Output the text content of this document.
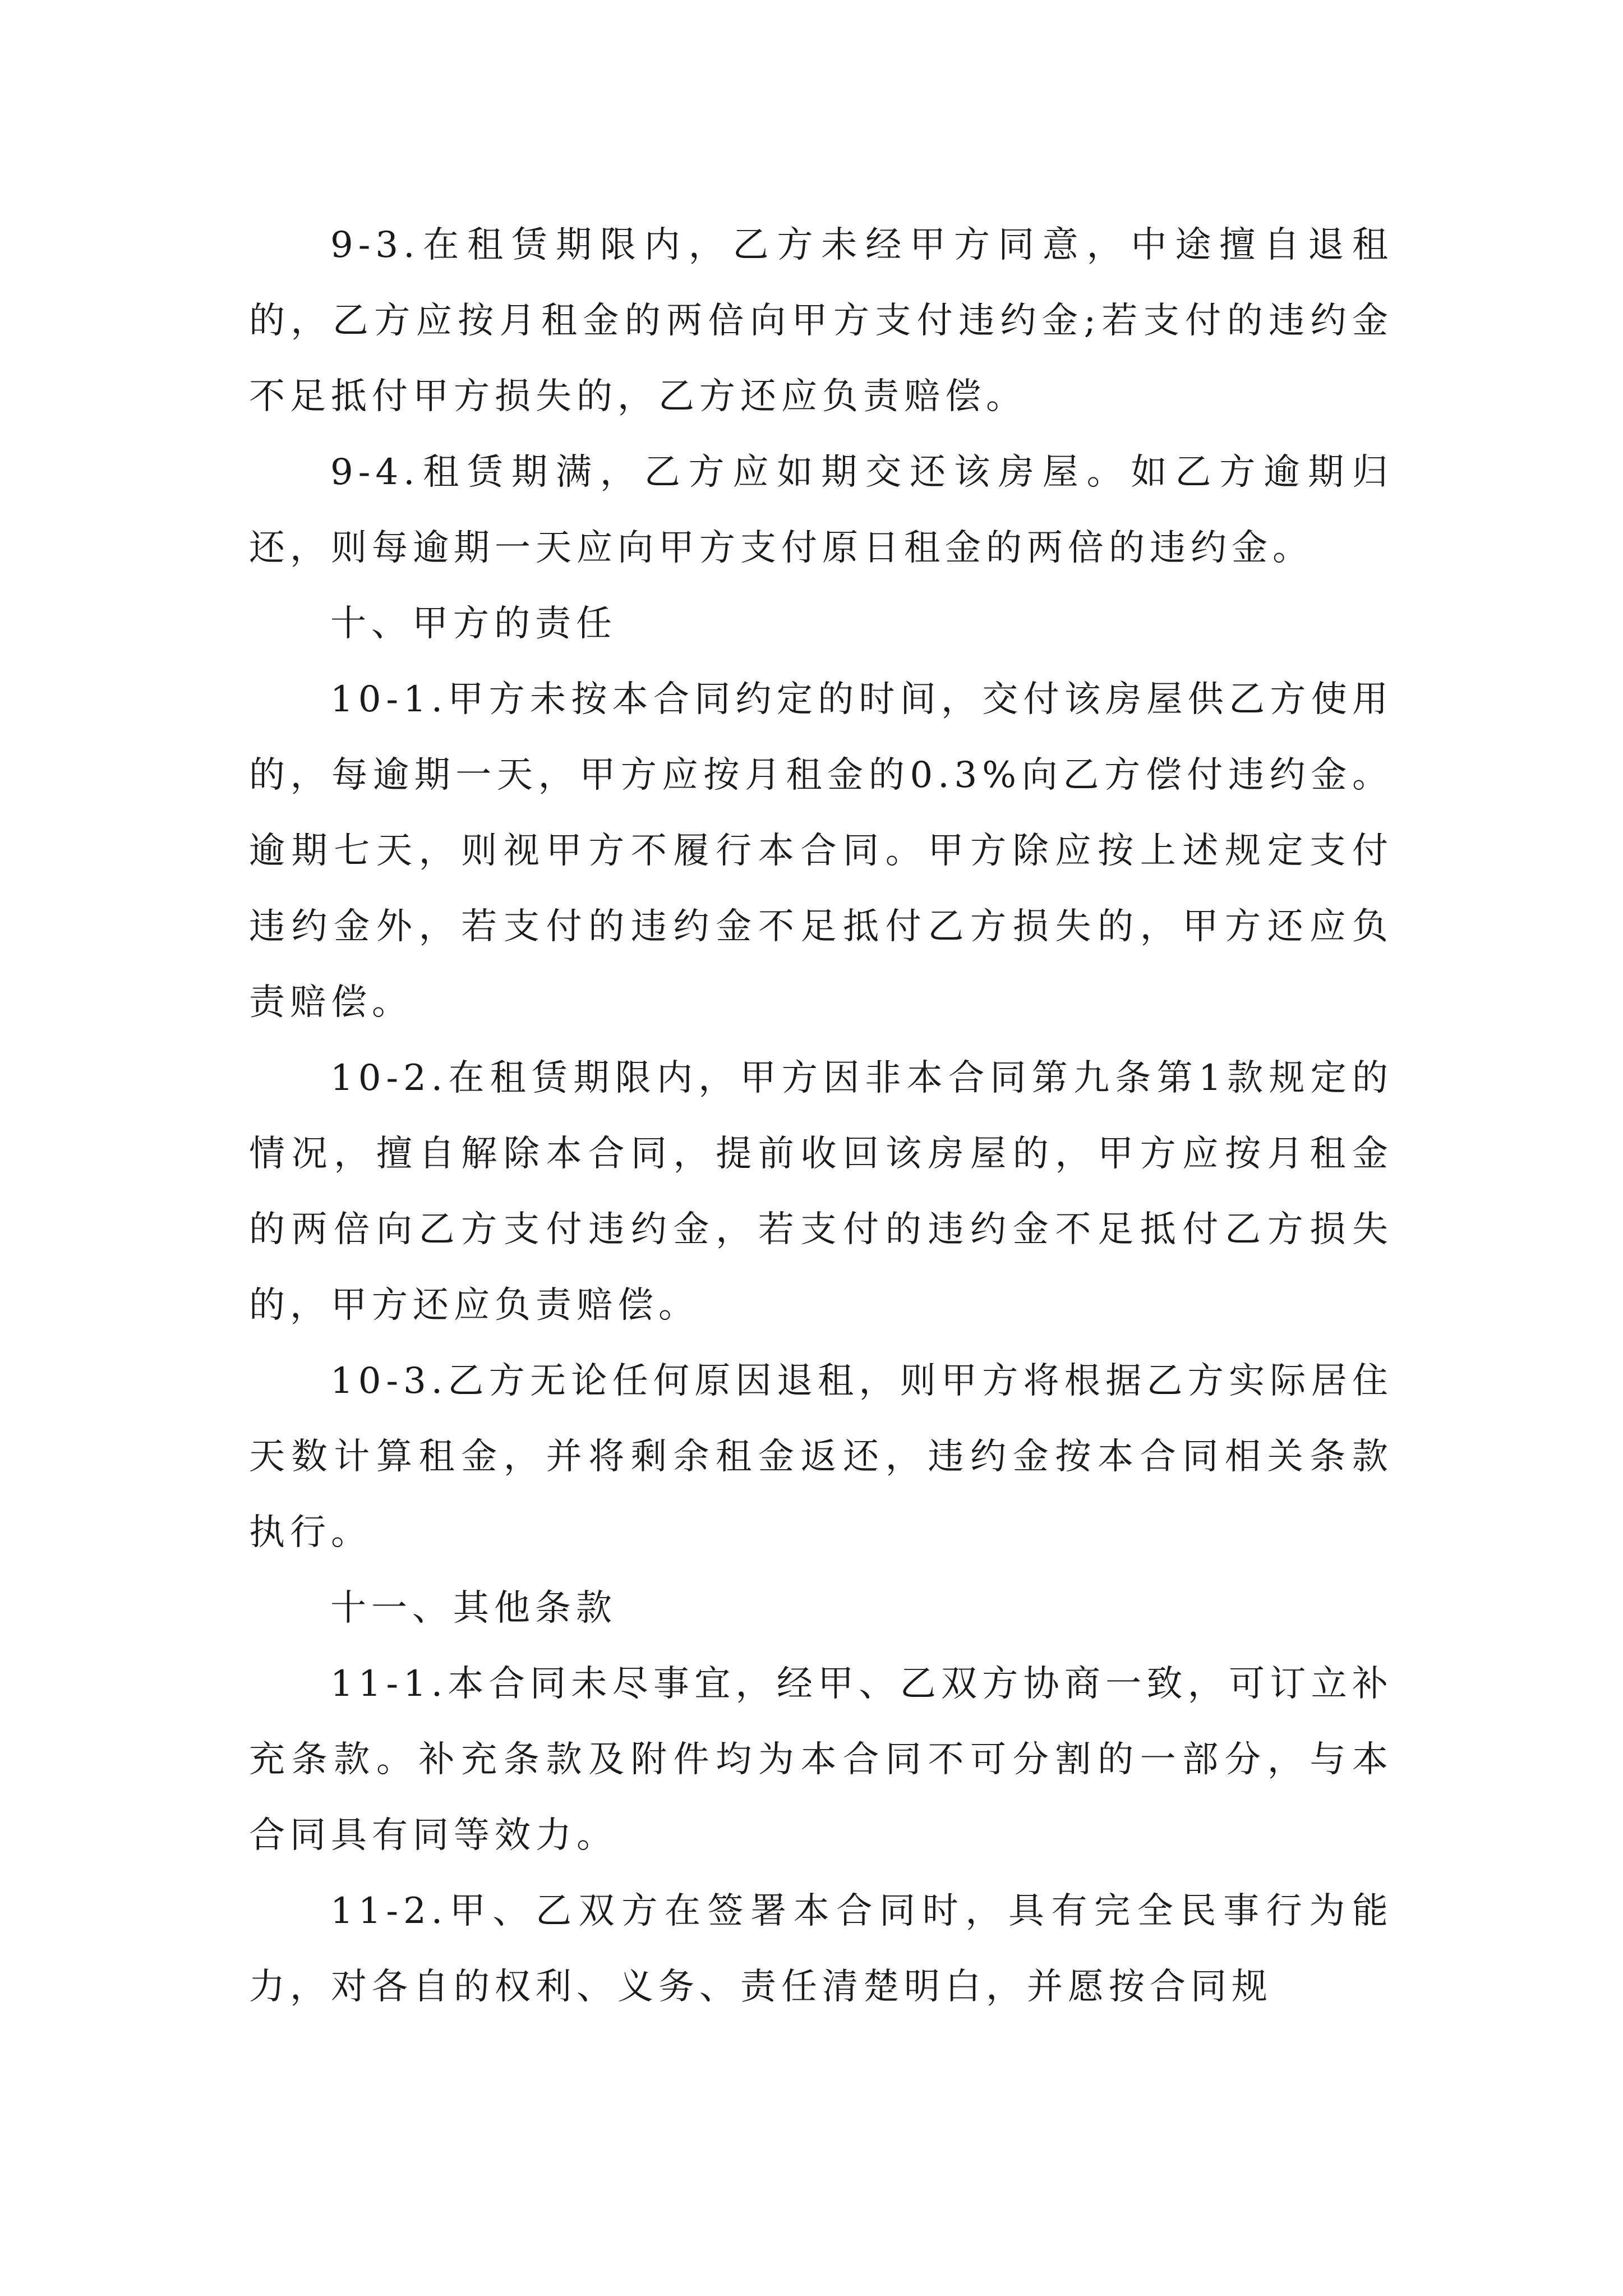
9-3.在租赁期限内，乙方未经甲方同意，中途擅自退租的，乙方应按月租金的两倍向甲方支付违约金;若支付的违约金不足抵付甲方损失的，乙方还应负责赔偿。

9-4.租赁期满，乙方应如期交还该房屋。如乙方逾期归还，则每逾期一天应向甲方支付原日租金的两倍的违约金。

十、甲方的责任

10-1.甲方未按本合同约定的时间，交付该房屋供乙方使用的，每逾期一天，甲方应按月租金的0.3%向乙方偿付违约金。逾期七天，则视甲方不履行本合同。甲方除应按上述规定支付违约金外，若支付的违约金不足抵付乙方损失的，甲方还应负责赔偿。

10-2.在租赁期限内，甲方因非本合同第九条第1款规定的情况，擅自解除本合同，提前收回该房屋的，甲方应按月租金的两倍向乙方支付违约金，若支付的违约金不足抵付乙方损失的，甲方还应负责赔偿。

10-3.乙方无论任何原因退租，则甲方将根据乙方实际居住天数计算租金，并将剩余租金返还，违约金按本合同相关条款执行。

十一、其他条款

11-1.本合同未尽事宜，经甲、乙双方协商一致，可订立补充条款。补充条款及附件均为本合同不可分割的一部分，与本合同具有同等效力。

11-2.甲、乙双方在签署本合同时，具有完全民事行为能力，对各自的权利、义务、责任清楚明白，并愿按合同规
